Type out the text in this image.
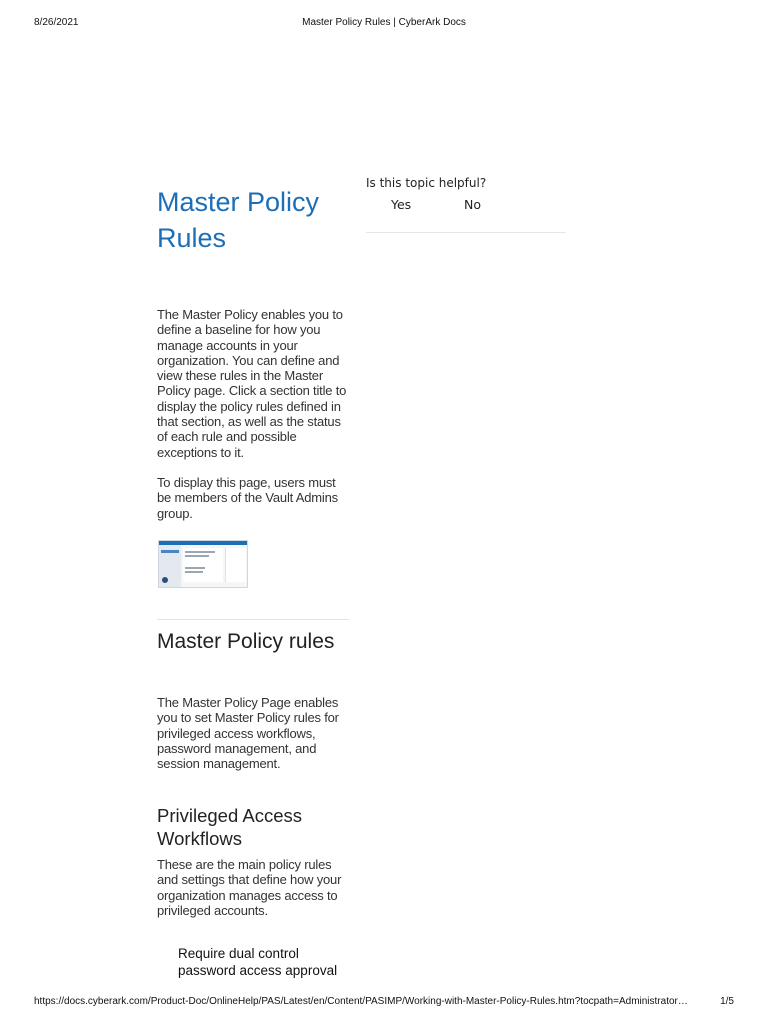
8/26/2021	Master Policy Rules | CyberArk Docs
Is this topic helpful?
Yes	No
Master Policy Rules

The Master Policy enables you to define a baseline for how you manage accounts in your organization. You can define and view these rules in the Master Policy page. Click a section title to display the policy rules defined in that section, as well as the status of each rule and possible exceptions to it.

To display this page, users must be members of the Vault Admins group.

Master Policy rules

The Master Policy Page enables you to set Master Policy rules for privileged access workflows, password management, and session management.

Privileged Access Workflows

These are the main policy rules and settings that define how your organization manages access to privileged accounts.

Require dual control password access approval
https://docs.cyberark.com/Product-Doc/OnlineHelp/PAS/Latest/en/Content/PASIMP/Working-with-Master-Policy-Rules.htm?tocpath=Administrator…	1/5
